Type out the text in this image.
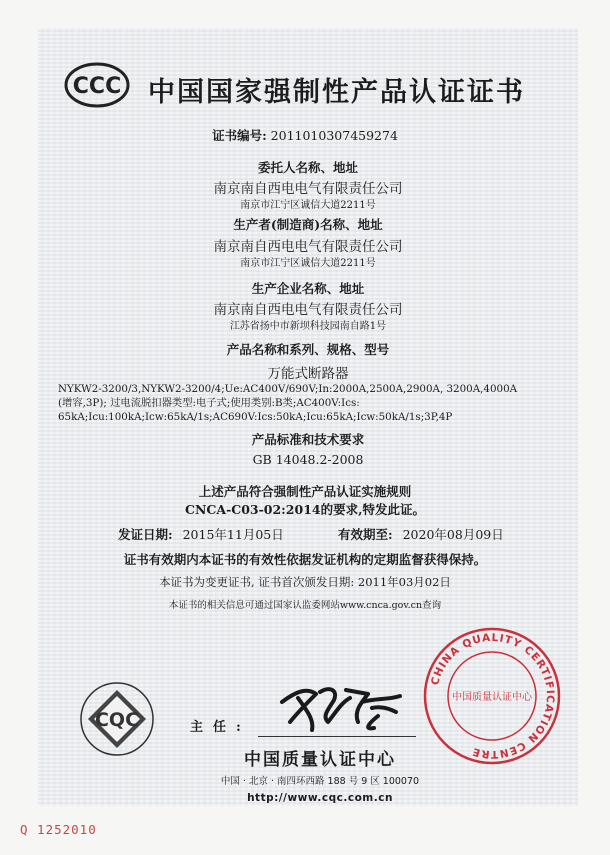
CCC 中国国家强制性产品认证证书
证书编号: 2011010307459274
委托人名称、地址
南京南自西电电气有限责任公司
南京市江宁区诚信大道2211号
生产者(制造商)名称、地址
南京南自西电电气有限责任公司
南京市江宁区诚信大道2211号
生产企业名称、地址
南京南自西电电气有限责任公司
江苏省扬中市新坝科技园南自路1号
产品名称和系列、规格、型号
万能式断路器
NYKW2-3200/3,NYKW2-3200/4;Ue:AC400V/690V;In:2000A,2500A,2900A, 3200A,4000A
(增容,3P); 过电流脱扣器类型:电子式;使用类别:B类;AC400V:Ics:
65kA;Icu:100kA;Icw:65kA/1s;AC690V:Ics:50kA;Icu:65kA;Icw:50kA/1s;3P,4P
产品标准和技术要求
GB 14048.2-2008
上述产品符合强制性产品认证实施规则
CNCA-C03-02:2014的要求,特发此证。
发证日期: 2015年11月05日	有效期至: 2020年08月09日
证书有效期内本证书的有效性依据发证机构的定期监督获得保持。
本证书为变更证书, 证书首次颁发日期: 2011年03月02日
本证书的相关信息可通过国家认监委网站www.cnca.gov.cn查询
CQC	主任:
中国质量认证中心
中国 · 北京 · 南四环西路 188 号 9 区 100070
http://www.cqc.com.cn
CHINA QUALITY CERTIFICATION CENTRE
中国质量认证中心
Q 1252010
